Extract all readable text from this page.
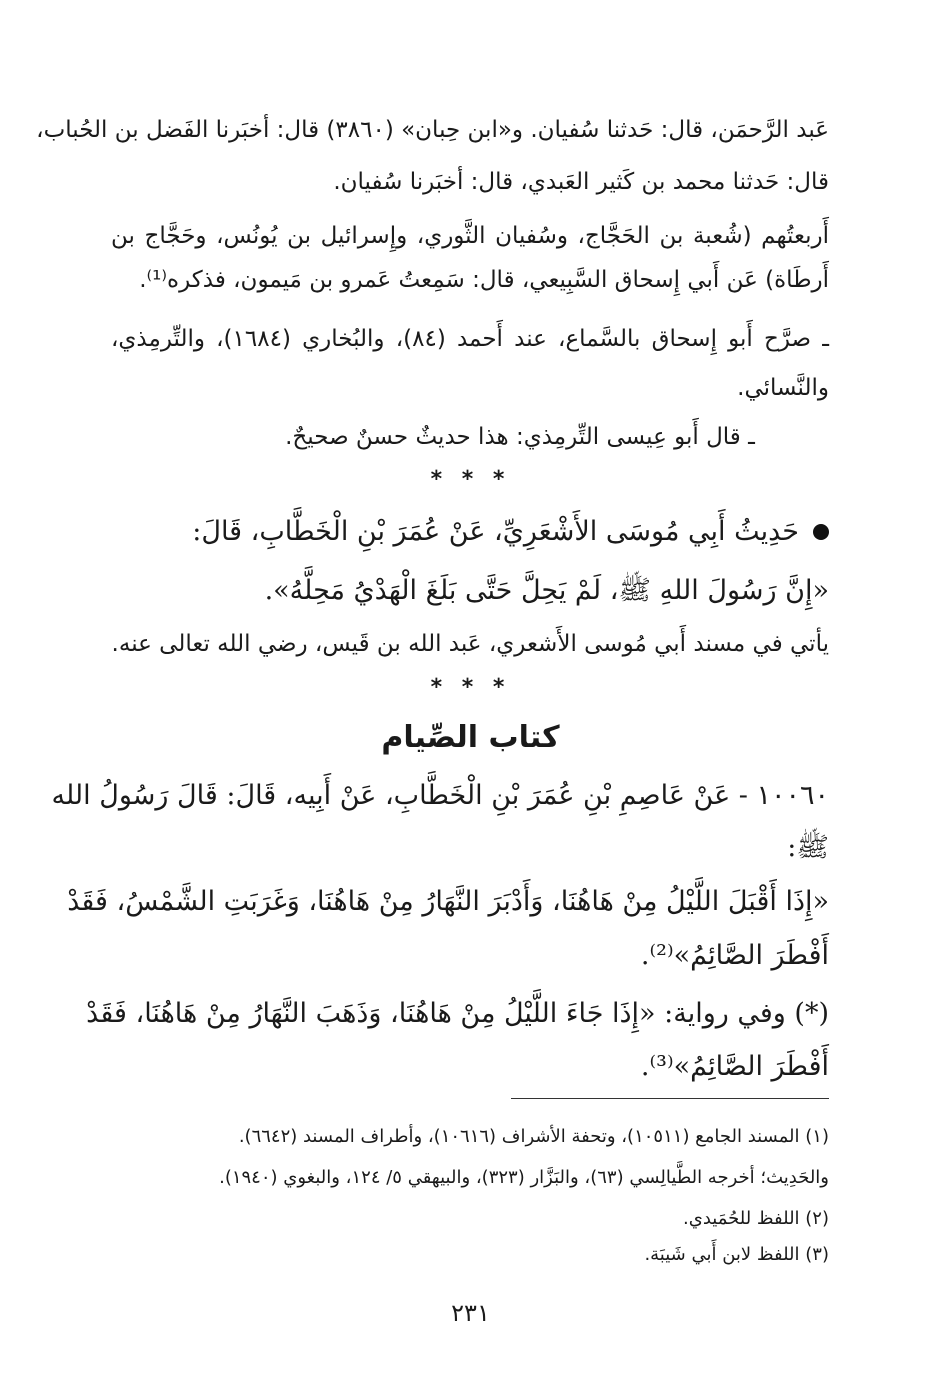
عَبد الرَّحمَن، قال: حَدثنا سُفيان. و«ابن حِبان» (٣٨٦٠) قال: أخبَرنا الفَضل بن الحُباب،
قال: حَدثنا محمد بن كَثير العَبدي، قال: أخبَرنا سُفيان.
أَربعتُهم (شُعبة بن الحَجَّاج، وسُفيان الثَّوري، وإِسرائيل بن يُونُس، وحَجَّاج بن
أَرطَاة) عَن أَبي إِسحاق السَّبِيعي، قال: سَمِعتُ عَمرو بن مَيمون، فذكره⁽¹⁾.
ـ صرَّح أَبو إِسحاق بالسَّماع، عند أَحمد (٨٤)، والبُخاري (١٦٨٤)، والتِّرمِذي،
والنَّسائي.
ـ قال أَبو عِيسى التِّرمِذي: هذا حديثٌ حسنٌ صحيحٌ.
* * *
حَدِيثُ أَبِي مُوسَى الأَشْعَرِيِّ، عَنْ عُمَرَ بْنِ الْخَطَّابِ، قَالَ:
«إِنَّ رَسُولَ اللهِ ﷺ، لَمْ يَحِلَّ حَتَّى بَلَغَ الْهَدْيُ مَحِلَّهُ».
يأتي في مسند أَبي مُوسى الأَشعري، عَبد الله بن قَيس، رضي الله تعالى عنه.
* * *
كتاب الصِّيام
١٠٠٦٠ - عَنْ عَاصِمِ بْنِ عُمَرَ بْنِ الْخَطَّابِ، عَنْ أَبِيه، قَالَ: قَالَ رَسُولُ الله
ﷺ:
«إِذَا أَقْبَلَ اللَّيْلُ مِنْ هَاهُنَا، وَأَدْبَرَ النَّهَارُ مِنْ هَاهُنَا، وَغَرَبَتِ الشَّمْسُ، فَقَدْ
أَفْطَرَ الصَّائِمُ»⁽²⁾.
(*) وفي رواية: «إِذَا جَاءَ اللَّيْلُ مِنْ هَاهُنَا، وَذَهَبَ النَّهَارُ مِنْ هَاهُنَا، فَقَدْ
أَفْطَرَ الصَّائِمُ»⁽³⁾.
(١) المسند الجامع (١٠٥١١)، وتحفة الأشراف (١٠٦١٦)، وأطراف المسند (٦٦٤٢).
والحَدِيث؛ أخرجه الطَّيالِسي (٦٣)، والبَزَّار (٣٢٣)، والبيهقي ٥/ ١٢٤، والبغوي (١٩٤٠).
(٢) اللفظ للحُمَيدي.
(٣) اللفظ لابن أَبي شَيبَة.
٢٣١
